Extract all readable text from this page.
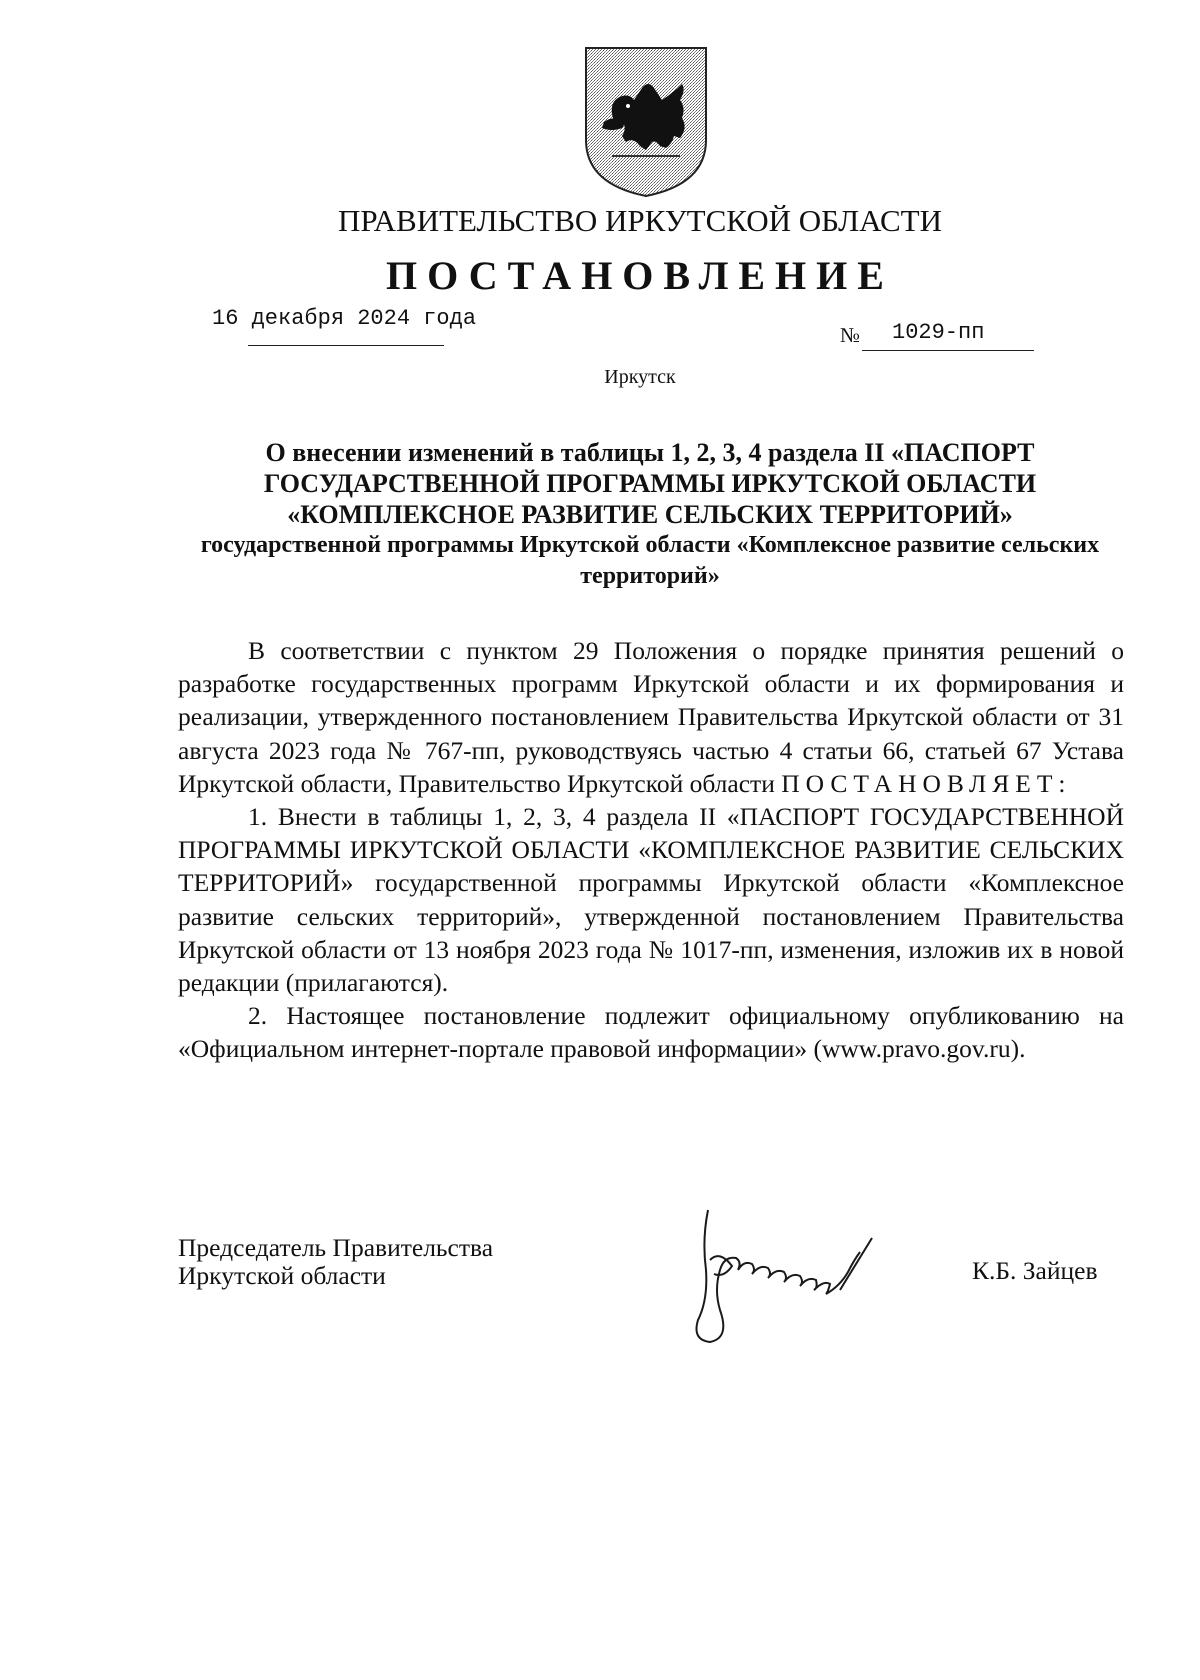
ПРАВИТЕЛЬСТВО ИРКУТСКОЙ ОБЛАСТИ
ПОСТАНОВЛЕНИЕ
16 декабря 2024 года
№ 1029-пп
Иркутск
О внесении изменений в таблицы 1, 2, 3, 4 раздела II «ПАСПОРТ
ГОСУДАРСТВЕННОЙ ПРОГРАММЫ ИРКУТСКОЙ ОБЛАСТИ
«КОМПЛЕКСНОЕ РАЗВИТИЕ СЕЛЬСКИХ ТЕРРИТОРИЙ»
государственной программы Иркутской области «Комплексное развитие сельских территорий»

В соответствии с пунктом 29 Положения о порядке принятия решений о разработке государственных программ Иркутской области и их формирования и реализации, утвержденного постановлением Правительства Иркутской области от 31 августа 2023 года № 767-пп, руководствуясь частью 4 статьи 66, статьей 67 Устава Иркутской области, Правительство Иркутской области ПОСТАНОВЛЯЕТ:

1. Внести в таблицы 1, 2, 3, 4 раздела II «ПАСПОРТ ГОСУДАРСТВЕННОЙ ПРОГРАММЫ ИРКУТСКОЙ ОБЛАСТИ «КОМПЛЕКСНОЕ РАЗВИТИЕ СЕЛЬСКИХ ТЕРРИТОРИЙ» государственной программы Иркутской области «Комплексное развитие сельских территорий», утвержденной постановлением Правительства Иркутской области от 13 ноября 2023 года № 1017-пп, изменения, изложив их в новой редакции (прилагаются).

2. Настоящее постановление подлежит официальному опубликованию на «Официальном интернет-портале правовой информации» (www.pravo.gov.ru).

Председатель Правительства
Иркутской области	К.Б. Зайцев
